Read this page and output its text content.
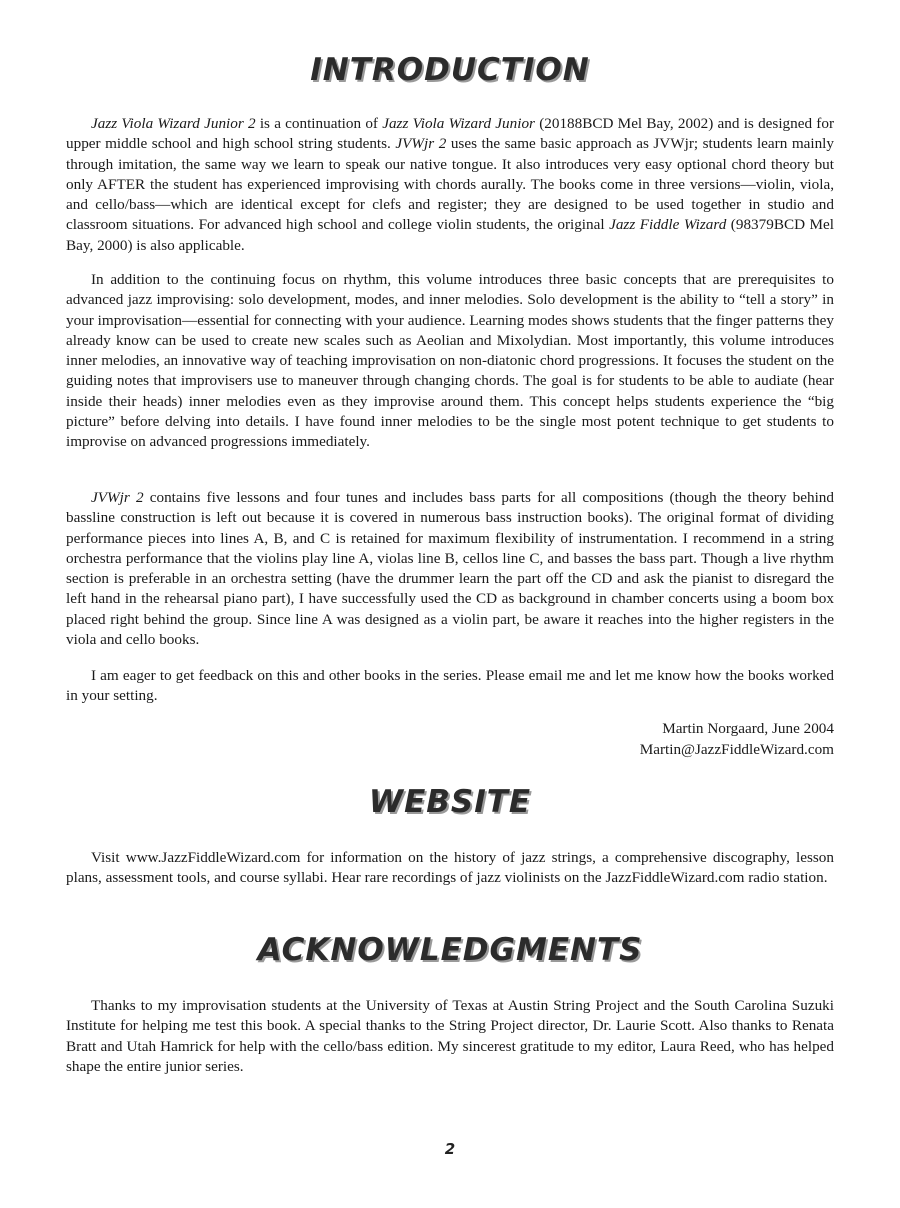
INTRODUCTION

Jazz Viola Wizard Junior 2 is a continuation of Jazz Viola Wizard Junior (20188BCD Mel Bay, 2002) and is designed for upper middle school and high school string students. JVWjr 2 uses the same basic approach as JVWjr; students learn mainly through imitation, the same way we learn to speak our native tongue. It also introduces very easy optional chord theory but only AFTER the student has experienced improvising with chords aurally. The books come in three versions—violin, viola, and cello/bass—which are identical except for clefs and register; they are designed to be used together in studio and classroom situations. For advanced high school and college violin students, the original Jazz Fiddle Wizard (98379BCD Mel Bay, 2000) is also applicable.

In addition to the continuing focus on rhythm, this volume introduces three basic concepts that are prerequisites to advanced jazz improvising: solo development, modes, and inner melodies. Solo development is the ability to “tell a story” in your improvisation—essential for connecting with your audience. Learning modes shows students that the finger patterns they already know can be used to create new scales such as Aeolian and Mixolydian. Most importantly, this volume introduces inner melodies, an innovative way of teaching improvisation on non-diatonic chord progressions. It focuses the student on the guiding notes that improvisers use to maneuver through changing chords. The goal is for students to be able to audiate (hear inside their heads) inner melodies even as they improvise around them. This concept helps students experience the “big picture” before delving into details. I have found inner melodies to be the single most potent technique to get students to improvise on advanced progressions immediately.

JVWjr 2 contains five lessons and four tunes and includes bass parts for all compositions (though the theory behind bassline construction is left out because it is covered in numerous bass instruction books). The original format of dividing performance pieces into lines A, B, and C is retained for maximum flexibility of instrumentation. I recommend in a string orchestra performance that the violins play line A, violas line B, cellos line C, and basses the bass part. Though a live rhythm section is preferable in an orchestra setting (have the drummer learn the part off the CD and ask the pianist to disregard the left hand in the rehearsal piano part), I have successfully used the CD as background in chamber concerts using a boom box placed right behind the group. Since line A was designed as a violin part, be aware it reaches into the higher registers in the viola and cello books.

I am eager to get feedback on this and other books in the series. Please email me and let me know how the books worked in your setting.

Martin Norgaard, June 2004
Martin@JazzFiddleWizard.com
WEBSITE

Visit www.JazzFiddleWizard.com for information on the history of jazz strings, a comprehensive discography, lesson plans, assessment tools, and course syllabi. Hear rare recordings of jazz violinists on the JazzFiddleWizard.com radio station.

ACKNOWLEDGMENTS

Thanks to my improvisation students at the University of Texas at Austin String Project and the South Carolina Suzuki Institute for helping me test this book. A special thanks to the String Project director, Dr. Laurie Scott. Also thanks to Renata Bratt and Utah Hamrick for help with the cello/bass edition. My sincerest gratitude to my editor, Laura Reed, who has helped shape the entire junior series.

2
